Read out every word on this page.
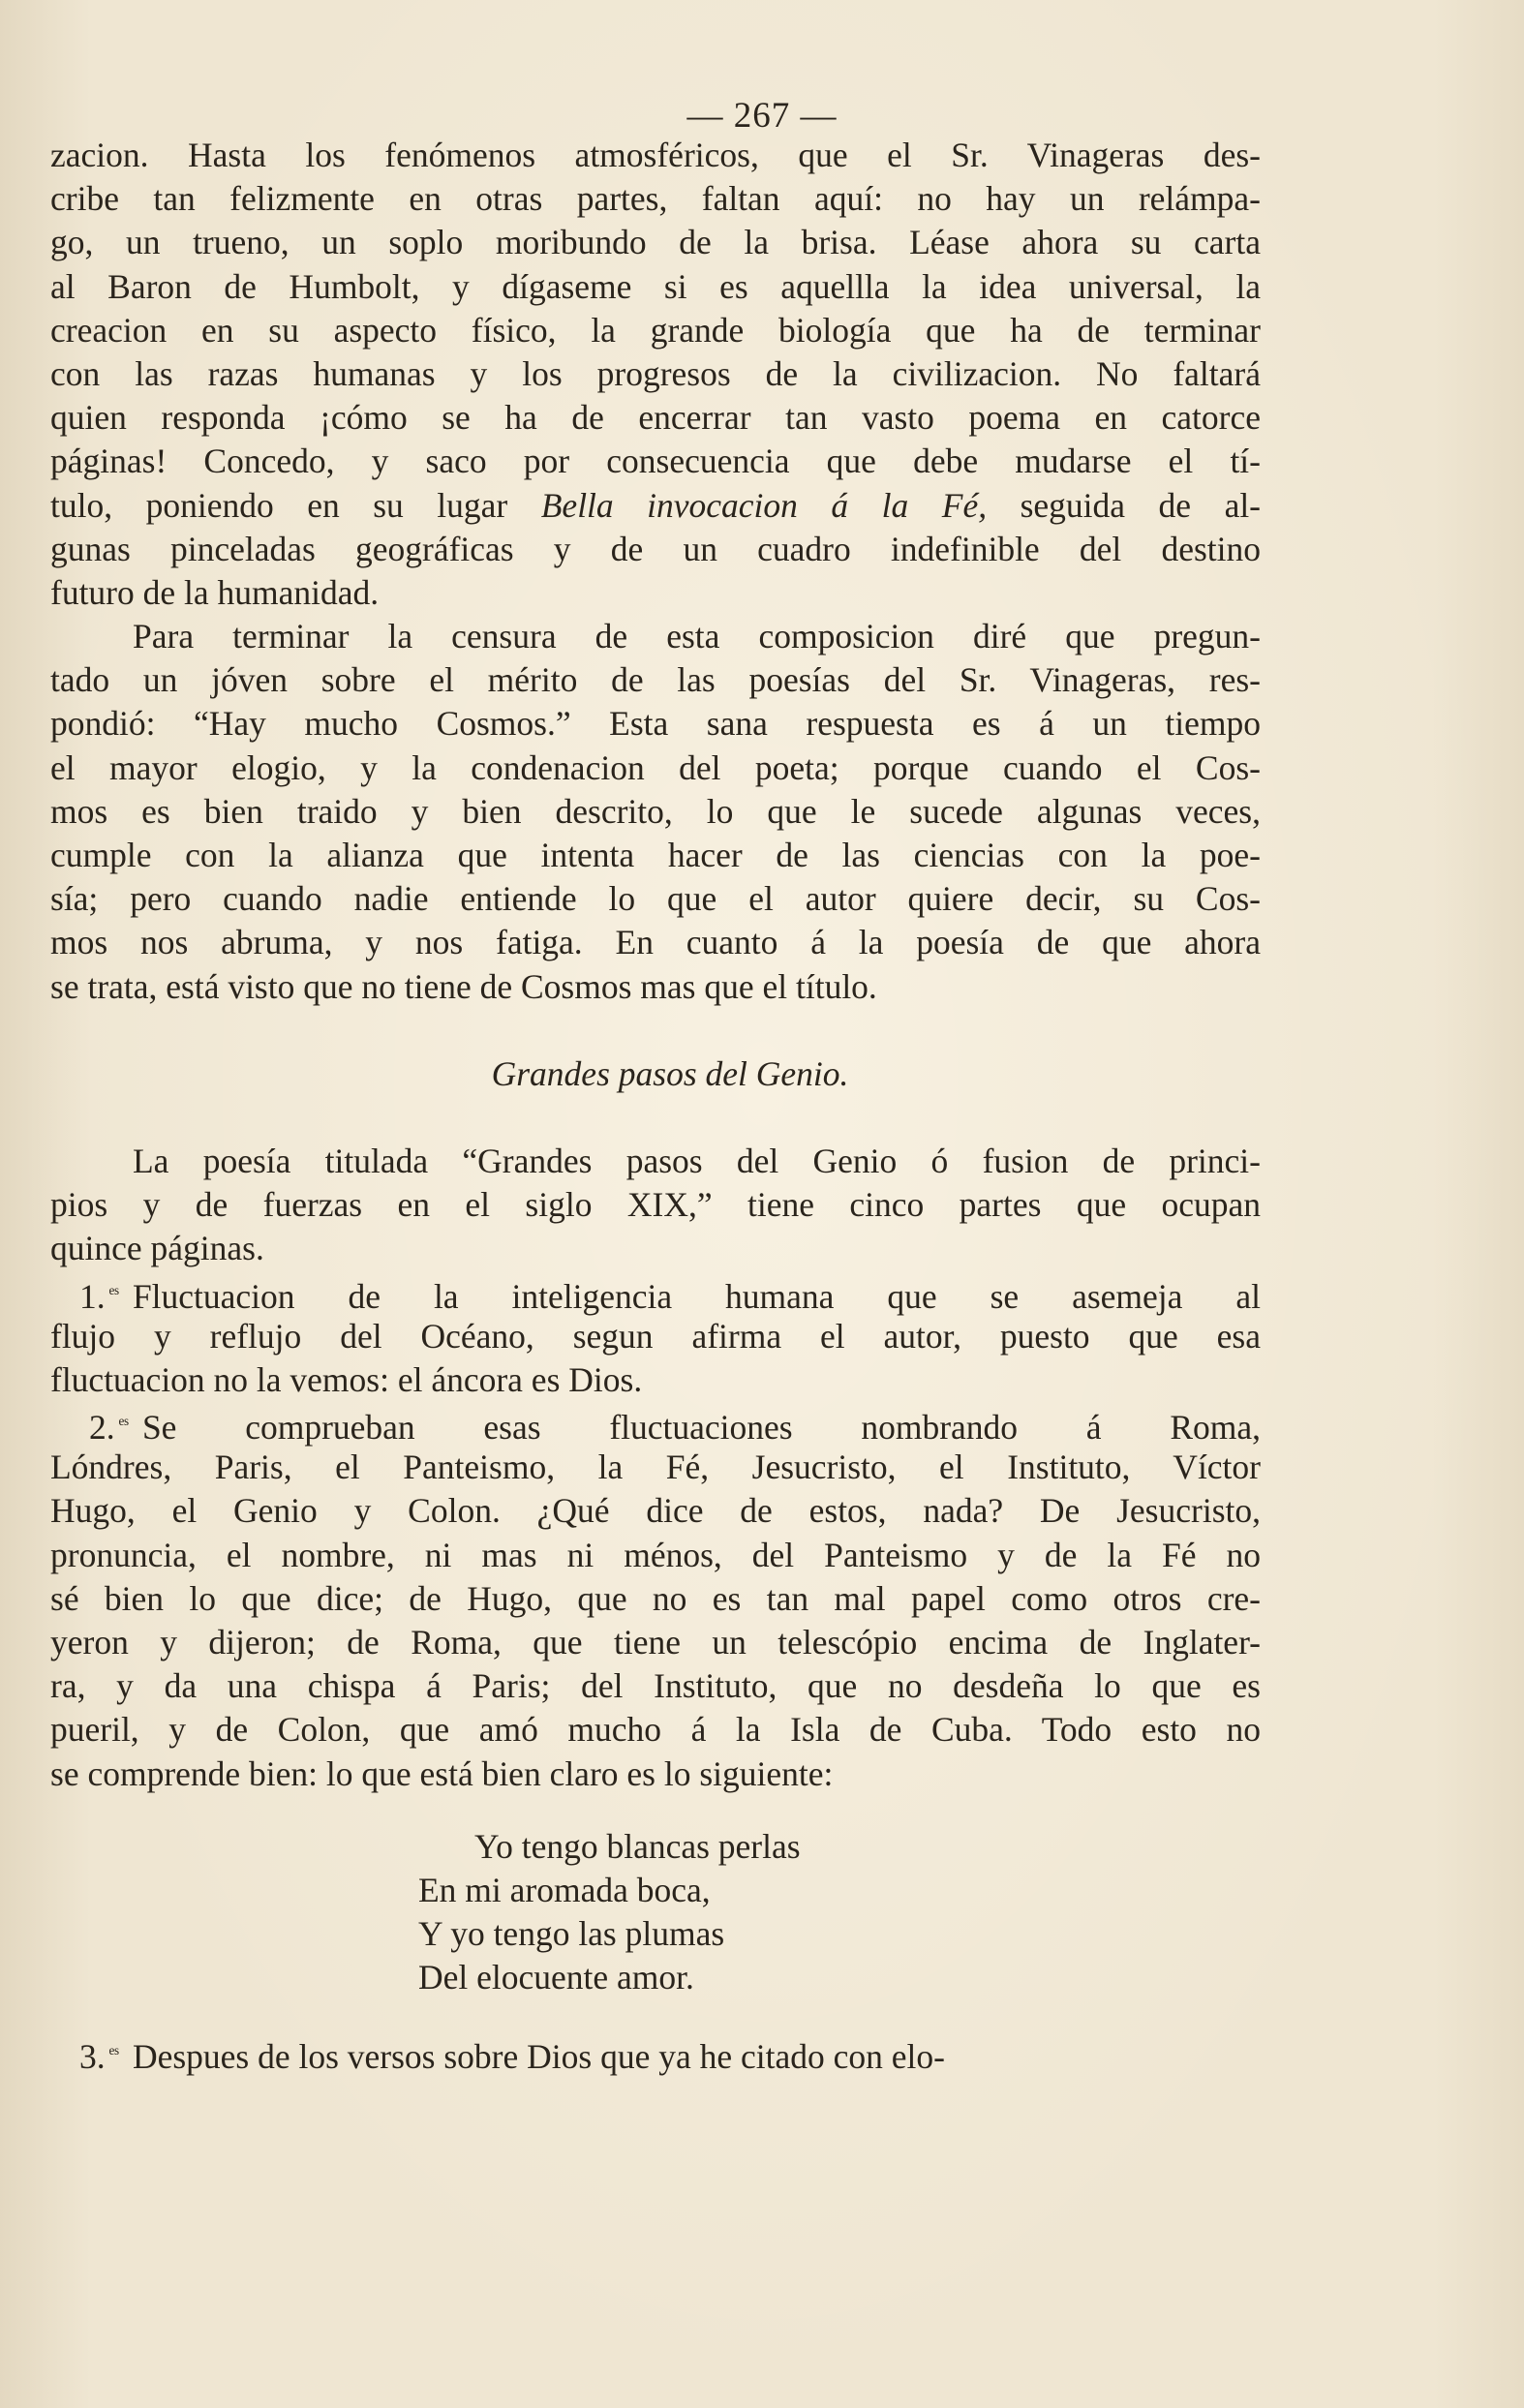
— 267 —
zacion. Hasta los fenómenos atmosféricos, que el Sr. Vinageras des-
cribe tan felizmente en otras partes, faltan aquí: no hay un relámpa-
go, un trueno, un soplo moribundo de la brisa. Léase ahora su carta
al Baron de Humbolt, y dígaseme si es aquellla la idea universal, la
creacion en su aspecto físico, la grande biología que ha de terminar
con las razas humanas y los progresos de la civilizacion. No faltará
quien responda ¡cómo se ha de encerrar tan vasto poema en catorce
páginas! Concedo, y saco por consecuencia que debe mudarse el tí-
tulo, poniendo en su lugar Bella invocacion á la Fé, seguida de al-
gunas pinceladas geográficas y de un cuadro indefinible del destino
futuro de la humanidad.
Para terminar la censura de esta composicion diré que pregun-
tado un jóven sobre el mérito de las poesías del Sr. Vinageras, res-
pondió: “Hay mucho Cosmos.” Esta sana respuesta es á un tiempo
el mayor elogio, y la condenacion del poeta; porque cuando el Cos-
mos es bien traido y bien descrito, lo que le sucede algunas veces,
cumple con la alianza que intenta hacer de las ciencias con la poe-
sía; pero cuando nadie entiende lo que el autor quiere decir, su Cos-
mos nos abruma, y nos fatiga. En cuanto á la poesía de que ahora
se trata, está visto que no tiene de Cosmos mas que el título.
Grandes pasos del Genio.
La poesía titulada “Grandes pasos del Genio ó fusion de princi-
pios y de fuerzas en el siglo XIX,” tiene cinco partes que ocupan
quince páginas.
1. $^{ᵉˢ}$ Fluctuacion de la inteligencia humana que se asemeja al
flujo y reflujo del Océano, segun afirma el autor, puesto que esa
fluctuacion no la vemos: el áncora es Dios.
2. $^{ᵉˢ}$ Se comprueban esas fluctuaciones nombrando á Roma,
Lóndres, Paris, el Panteismo, la Fé, Jesucristo, el Instituto, Víctor
Hugo, el Genio y Colon. ¿Qué dice de estos, nada? De Jesucristo,
pronuncia, el nombre, ni mas ni ménos, del Panteismo y de la Fé no
sé bien lo que dice; de Hugo, que no es tan mal papel como otros cre-
yeron y dijeron; de Roma, que tiene un telescópio encima de Inglater-
ra, y da una chispa á Paris; del Instituto, que no desdeña lo que es
pueril, y de Colon, que amó mucho á la Isla de Cuba. Todo esto no
se comprende bien: lo que está bien claro es lo siguiente:
Yo tengo blancas perlas
En mi aromada boca,
Y yo tengo las plumas
Del elocuente amor.
3. $^{ᵉˢ}$ Despues de los versos sobre Dios que ya he citado con elo-
